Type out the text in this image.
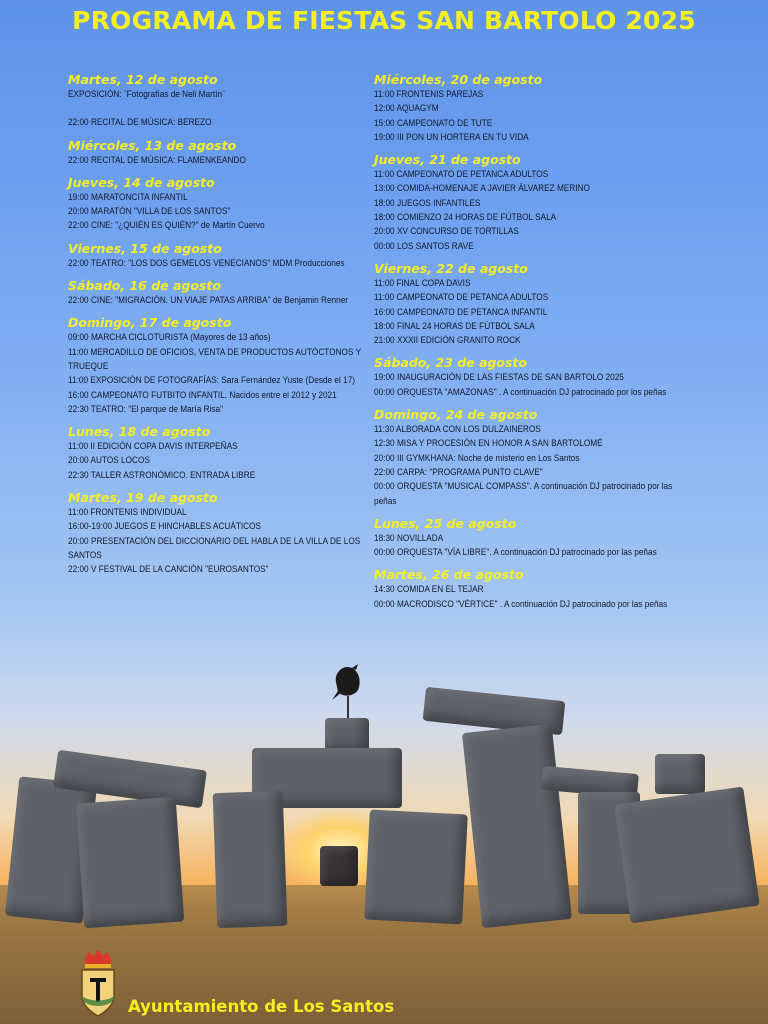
PROGRAMA DE FIESTAS SAN BARTOLO 2025
Martes, 12 de agosto
EXPOSICIÓN: ¨Fotografías de Neli Martín¨
22:00 RECITAL DE MÚSICA: BEREZO
Miércoles, 13 de agosto
22:00 RECITAL DE MÚSICA: FLAMENKEANDO
Jueves, 14 de agosto
19:00 MARATONCITA INFANTIL
20:00 MARATÓN "VILLA DE LOS SANTOS"
22:00 CINE: "¿QUIÉN ES QUIÉN?" de Martín Cuervo
Viernes, 15 de agosto
22:00 TEATRO: "LOS DOS GEMELOS VENECIANOS" MDM Producciones
Sábado, 16 de agosto
22:00 CINE: "MIGRACIÓN. UN VIAJE PATAS ARRIBA" de Benjamin Renner
Domingo, 17 de agosto
09:00 MARCHA CICLOTURISTA (Mayores de 13 años)
11:00 MERCADILLO DE OFICIOS, VENTA DE PRODUCTOS AUTÓCTONOS Y
TRUEQUE
11:00 EXPOSICIÓN DE FOTOGRAFÍAS: Sara Fernández Yuste (Desde el 17)
16:00 CAMPEONATO FUTBITO INFANTIL. Nacidos entre el 2012 y 2021
22:30 TEATRO: "El parque de María Risa"
Lunes, 18 de agosto
11:00 II EDICIÓN COPA DAVIS INTERPEÑAS
20:00 AUTOS LOCOS
22:30 TALLER ASTRONÓMICO. ENTRADA LIBRE
Martes, 19 de agosto
11:00 FRONTENIS INDIVIDUAL
16:00-19:00 JUEGOS E HINCHABLES ACUÁTICOS
20:00 PRESENTACIÓN DEL DICCIONARIO DEL HABLA DE LA VILLA DE LOS
SANTOS
22:00 V FESTIVAL DE LA CANCIÓN "EUROSANTOS"
Miércoles, 20 de agosto
11:00 FRONTENIS PAREJAS
12:00 AQUAGYM
15:00 CAMPEONATO DE TUTE
19:00 III PON UN HORTERA EN TU VIDA
Jueves, 21 de agosto
11:00 CAMPEONATO DE PETANCA ADULTOS
13:00 COMIDA-HOMENAJE A JAVIER ÁLVAREZ MERINO
18:00 JUEGOS INFANTILES
18:00 COMIENZO 24 HORAS DE FÚTBOL SALA
20:00 XV CONCURSO DE TORTILLAS
00:00 LOS SANTOS RAVE
Viernes, 22 de agosto
11:00 FINAL COPA DAVIS
11:00 CAMPEONATO DE PETANCA ADULTOS
16:00 CAMPEONATO DE PETANCA INFANTIL
18:00 FINAL 24 HORAS DE FÚTBOL SALA
21:00 XXXII EDICIÓN GRANITO ROCK
Sábado, 23 de agosto
19:00 INAUGURACIÓN DE LAS FIESTAS DE SAN BARTOLO 2025
00:00 ORQUESTA "AMAZONAS" . A continuación DJ patrocinado por los peñas
Domingo, 24 de agosto
11:30 ALBORADA CON LOS DULZAINEROS
12:30 MISA Y PROCESIÓN EN HONOR A SAN BARTOLOMÉ
20:00 III GYMKHANA: Noche de misterio en Los Santos
22:00 CARPA: "PROGRAMA PUNTO CLAVE"
00:00 ORQUESTA "MUSICAL COMPASS". A continuación DJ patrocinado por las
peñas
Lunes, 25 de agosto
18:30 NOVILLADA
00:00 ORQUESTA "VÍA LIBRE". A continuación DJ patrocinado por las peñas
Martes, 26 de agosto
14:30 COMIDA EN EL TEJAR
00:00 MACRODISCO "VÉRTICE" . A continuación DJ patrocinado por las peñas
Ayuntamiento de Los Santos
